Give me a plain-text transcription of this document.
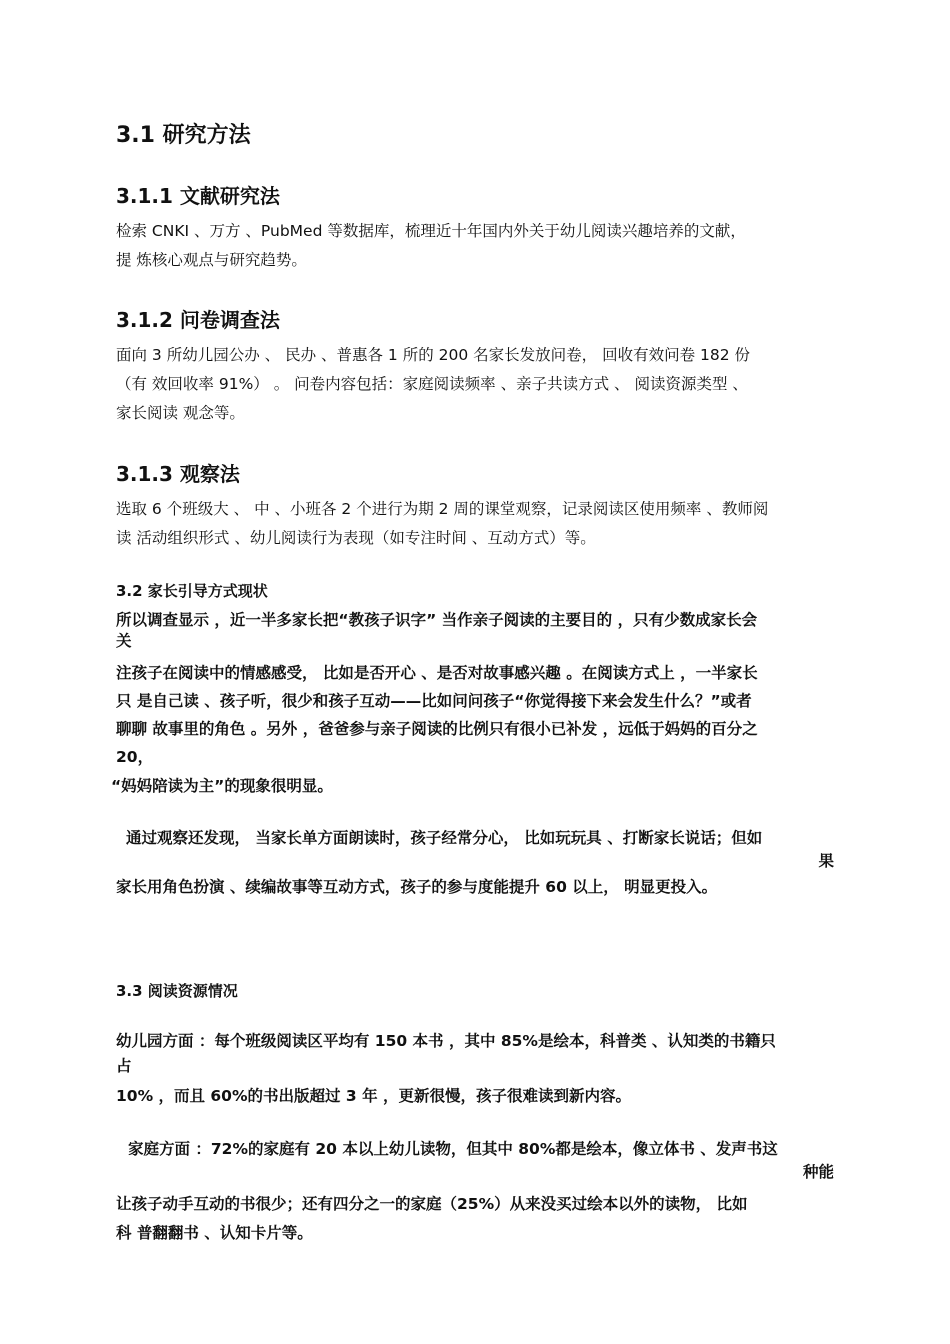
3.1 研究方法
3.1.1 文献研究法

检索 CNKI 、万方 、PubMed 等数据库，梳理近十年国内外关于幼儿阅读兴趣培养的文献，

提 炼核心观点与研究趋势。

3.1.2 问卷调查法

面向 3 所幼儿园公办 、 民办 、普惠各 1 所的 200 名家长发放问卷， 回收有效问卷 182 份

（有 效回收率 91%） 。 问卷内容包括：家庭阅读频率 、亲子共读方式 、 阅读资源类型 、

家长阅读 观念等。

3.1.3 观察法

选取 6 个班级大 、 中 、小班各 2 个进行为期 2 周的课堂观察，记录阅读区使用频率 、教师阅

读 活动组织形式 、幼儿阅读行为表现（如专注时间 、互动方式）等。

3.2 家长引导方式现状

所以调查显示 ，近一半多家长把“教孩子识字” 当作亲子阅读的主要目的 ，只有少数成家长会

关

注孩子在阅读中的情感感受， 比如是否开心 、是否对故事感兴趣 。在阅读方式上 ，一半家长

只 是自己读 、孩子听，很少和孩子互动——比如问问孩子“你觉得接下来会发生什么？”或者

聊聊 故事里的角色 。另外 ，爸爸参与亲子阅读的比例只有很小已补发 ，远低于妈妈的百分之

20，

“妈妈陪读为主”的现象很明显。

通过观察还发现， 当家长单方面朗读时，孩子经常分心， 比如玩玩具 、打断家长说话；但如

果

家长用角色扮演 、续编故事等互动方式，孩子的参与度能提升 60 以上， 明显更投入。

3.3 阅读资源情况

幼儿园方面 ：每个班级阅读区平均有 150 本书 ，其中 85%是绘本，科普类 、认知类的书籍只

占

10% ，而且 60%的书出版超过 3 年 ，更新很慢，孩子很难读到新内容。

家庭方面 ：72%的家庭有 20 本以上幼儿读物，但其中 80%都是绘本，像立体书 、发声书这

种能

让孩子动手互动的书很少；还有四分之一的家庭（25%）从来没买过绘本以外的读物， 比如

科 普翻翻书 、认知卡片等。
